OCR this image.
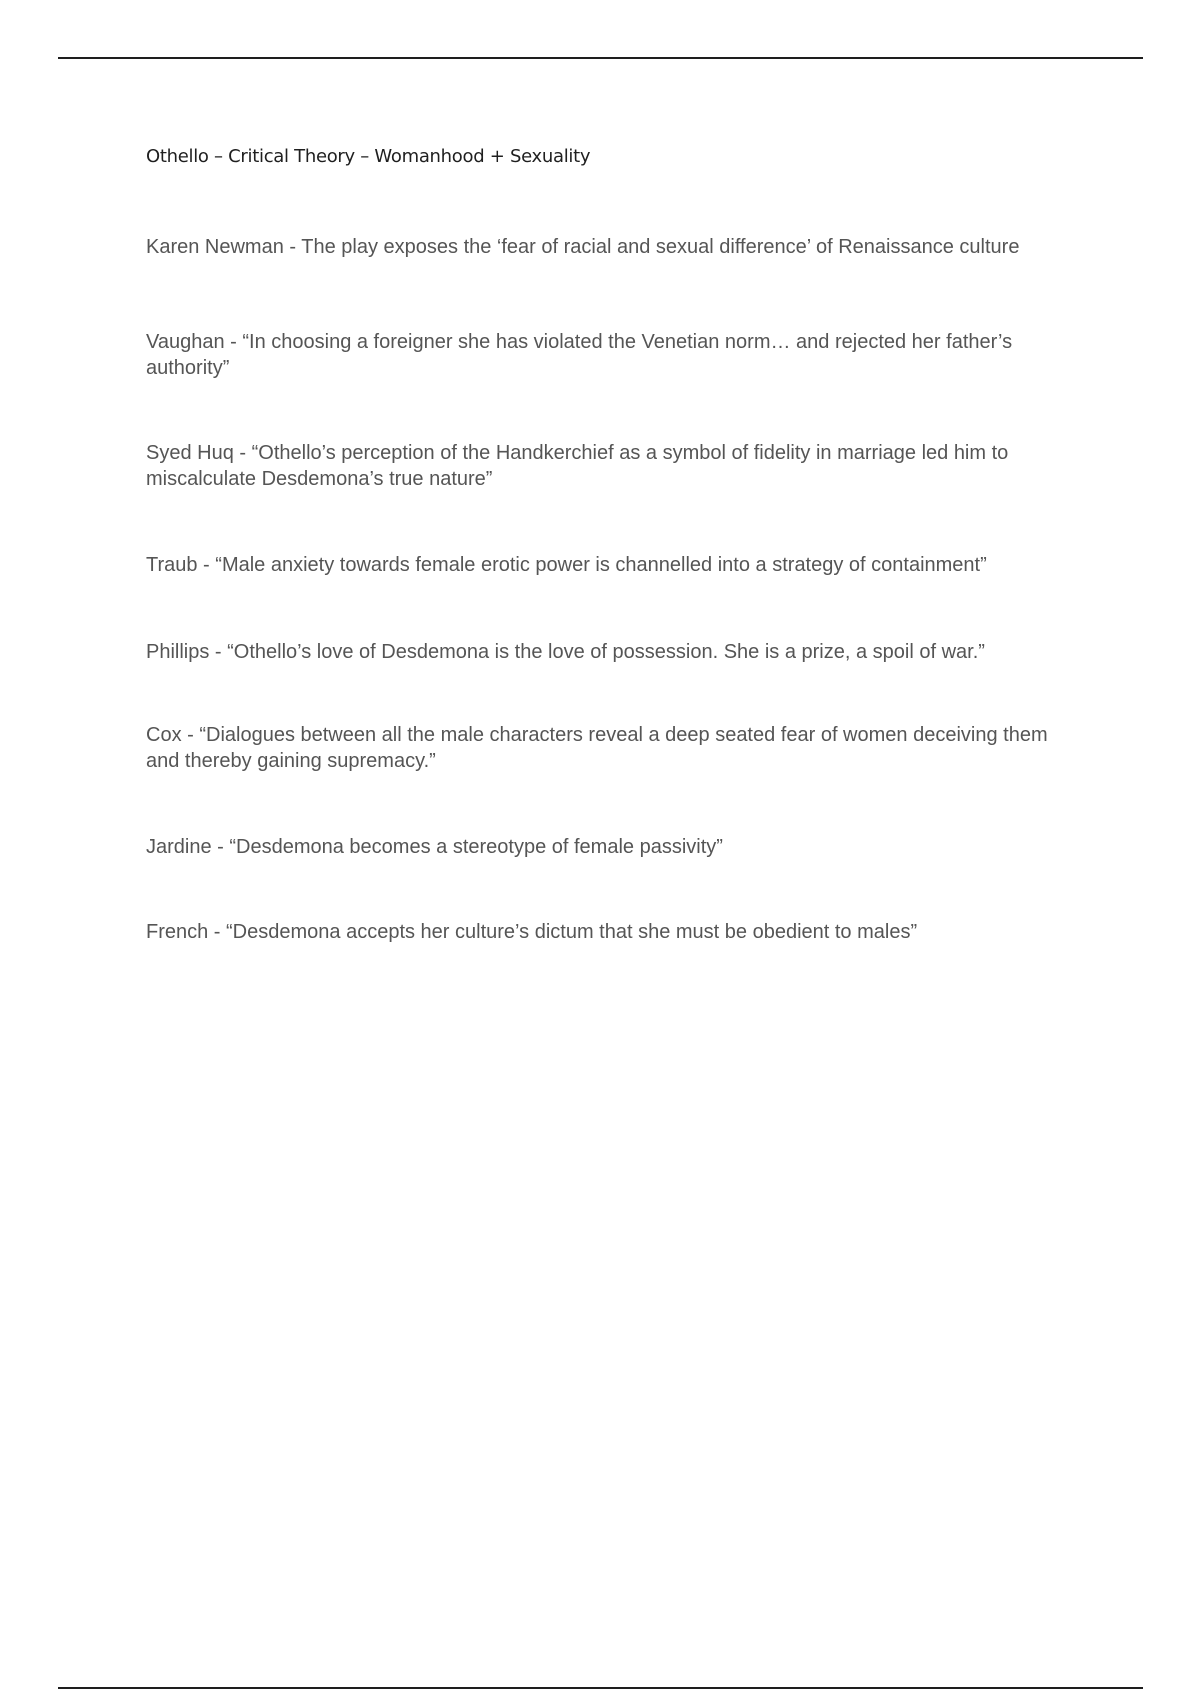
Othello – Critical Theory – Womanhood + Sexuality
Karen Newman - The play exposes the ‘fear of racial and sexual difference’ of Renaissance culture
Vaughan - “In choosing a foreigner she has violated the Venetian norm… and rejected her father’s authority”
Syed Huq - “Othello’s perception of the Handkerchief as a symbol of fidelity in marriage led him to miscalculate Desdemona’s true nature”
Traub - “Male anxiety towards female erotic power is channelled into a strategy of containment”
Phillips - “Othello’s love of Desdemona is the love of possession. She is a prize, a spoil of war.”
Cox - “Dialogues between all the male characters reveal a deep seated fear of women deceiving them and thereby gaining supremacy.”
Jardine - “Desdemona becomes a stereotype of female passivity”
French - “Desdemona accepts her culture’s dictum that she must be obedient to males”
